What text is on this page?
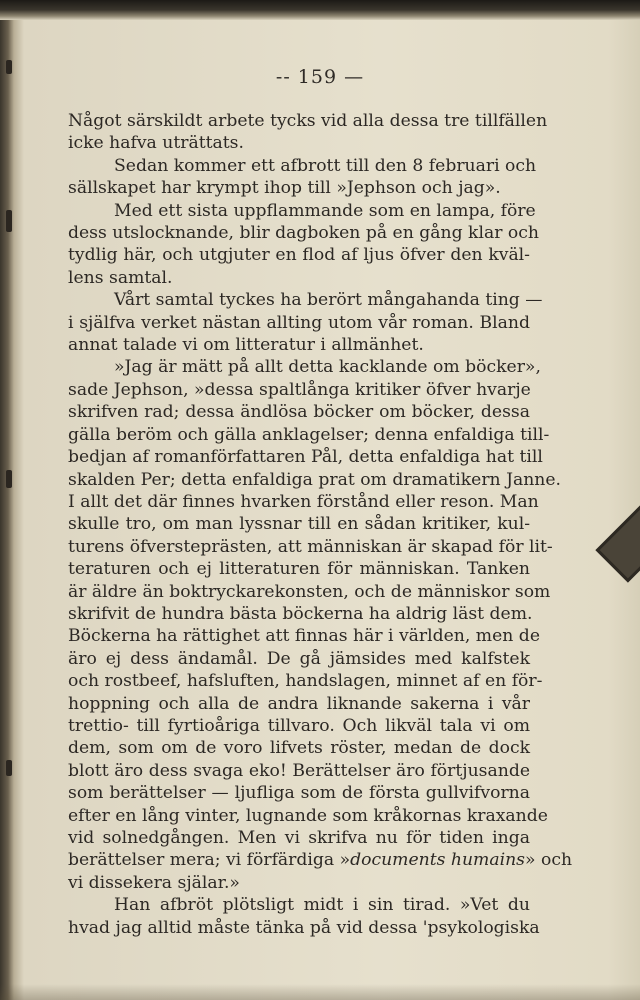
-- 159 —
Något särskildt arbete tycks vid alla dessa tre tillfällen
icke hafva uträttats.
Sedan kommer ett afbrott till den 8 februari och
sällskapet har krympt ihop till »Jephson och jag».
Med ett sista uppflammande som en lampa, före
dess utslocknande, blir dagboken på en gång klar och
tydlig här, och utgjuter en flod af ljus öfver den kväl-
lens samtal.
Vårt samtal tyckes ha berört mångahanda ting —
i själfva verket nästan allting utom vår roman. Bland
annat talade vi om litteratur i allmänhet.
»Jag är mätt på allt detta kacklande om böcker»,
sade Jephson, »dessa spaltlånga kritiker öfver hvarje
skrifven rad; dessa ändlösa böcker om böcker, dessa
gälla beröm och gälla anklagelser; denna enfaldiga till-
bedjan af romanförfattaren Pål, detta enfaldiga hat till
skalden Per; detta enfaldiga prat om dramatikern Janne.
I allt det där finnes hvarken förstånd eller reson. Man
skulle tro, om man lyssnar till en sådan kritiker, kul-
turens öfversteprästen, att människan är skapad för lit-
teraturen och ej litteraturen för människan. Tanken
är äldre än boktryckarekonsten, och de människor som
skrifvit de hundra bästa böckerna ha aldrig läst dem.
Böckerna ha rättighet att finnas här i världen, men de
äro ej dess ändamål. De gå jämsides med kalfstek
och rostbeef, hafsluften, handslagen, minnet af en för-
hoppning och alla de andra liknande sakerna i vår
trettio- till fyrtioåriga tillvaro. Och likväl tala vi om
dem, som om de voro lifvets röster, medan de dock
blott äro dess svaga eko! Berättelser äro förtjusande
som berättelser — ljufliga som de första gullvifvorna
efter en lång vinter, lugnande som kråkornas kraxande
vid solnedgången. Men vi skrifva nu för tiden inga
berättelser mera; vi förfärdiga »documents humains» och
vi dissekera själar.»
Han afbröt plötsligt midt i sin tirad. »Vet du
hvad jag alltid måste tänka på vid dessa 'psykologiska
